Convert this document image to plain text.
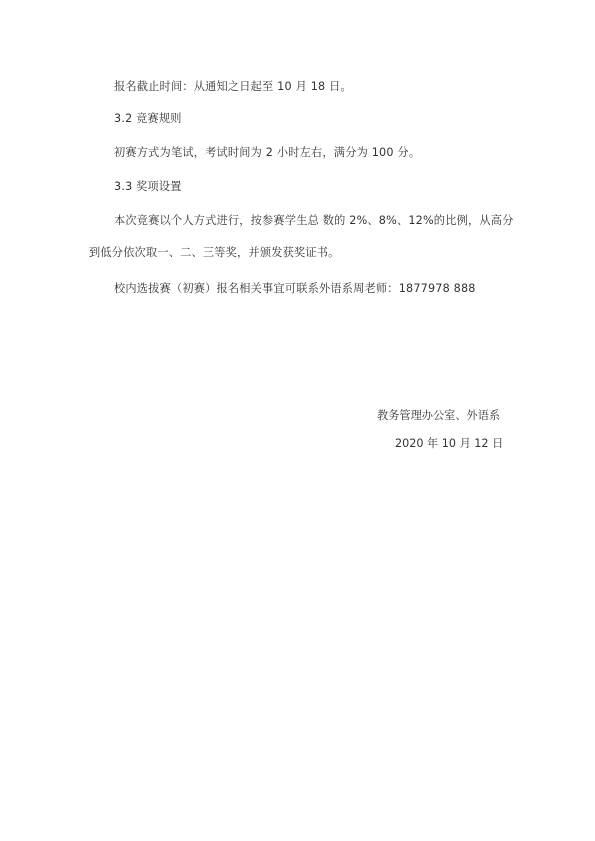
报名截止时间：从通知之日起至 10 月 18 日。
3.2 竞赛规则
初赛方式为笔试，考试时间为 2 小时左右，满分为 100 分。
3.3 奖项设置
本次竞赛以个人方式进行，按参赛学生总 数的 2%、8%、12%的比例，从高分
到低分依次取一、二、三等奖，并颁发获奖证书。
校内选拔赛（初赛）报名相关事宜可联系外语系周老师：1877978 888
教务管理办公室、外语系
2020 年 10 月 12 日
